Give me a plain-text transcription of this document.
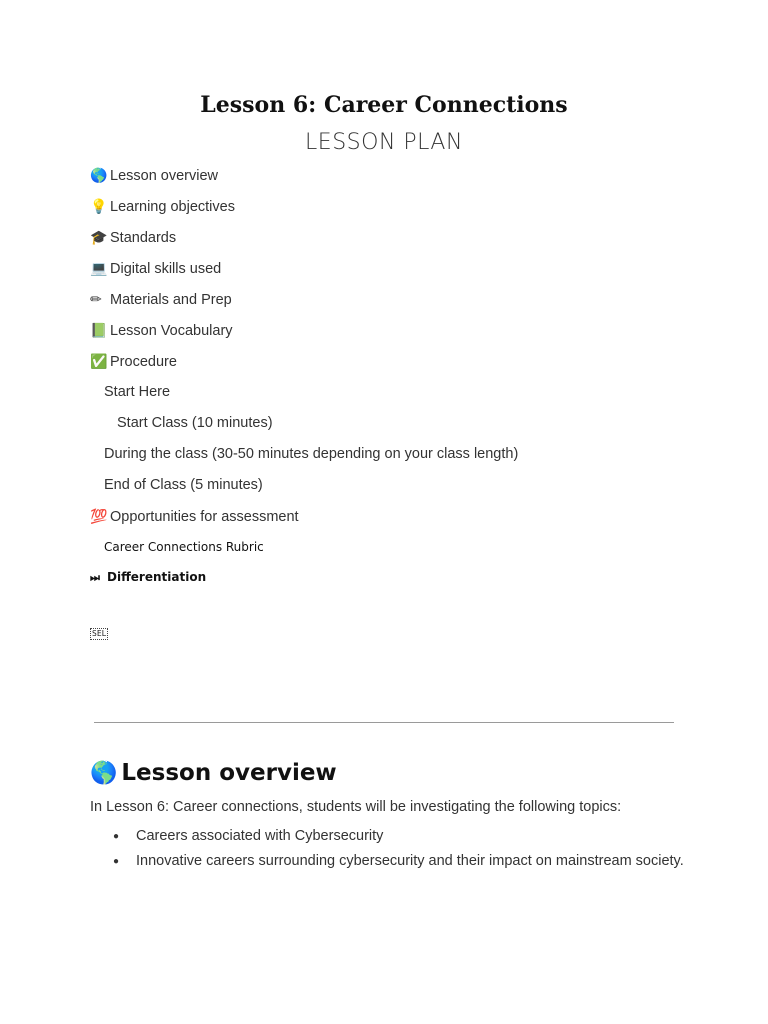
Lesson 6: Career Connections
LESSON PLAN
🌎 Lesson overview
💡 Learning objectives
🎓 Standards
💻 Digital skills used
✏ Materials and Prep
📗 Lesson Vocabulary
✅ Procedure
Start Here
Start Class (10 minutes)
During the class (30-50 minutes depending on your class length)
End of Class (5 minutes)
💯 Opportunities for assessment
Career Connections Rubric
⏭ Differentiation
SEL
🌎 Lesson overview
In Lesson 6: Career connections, students will be investigating the following topics:
● Careers associated with Cybersecurity
● Innovative careers surrounding cybersecurity and their impact on mainstream society.
